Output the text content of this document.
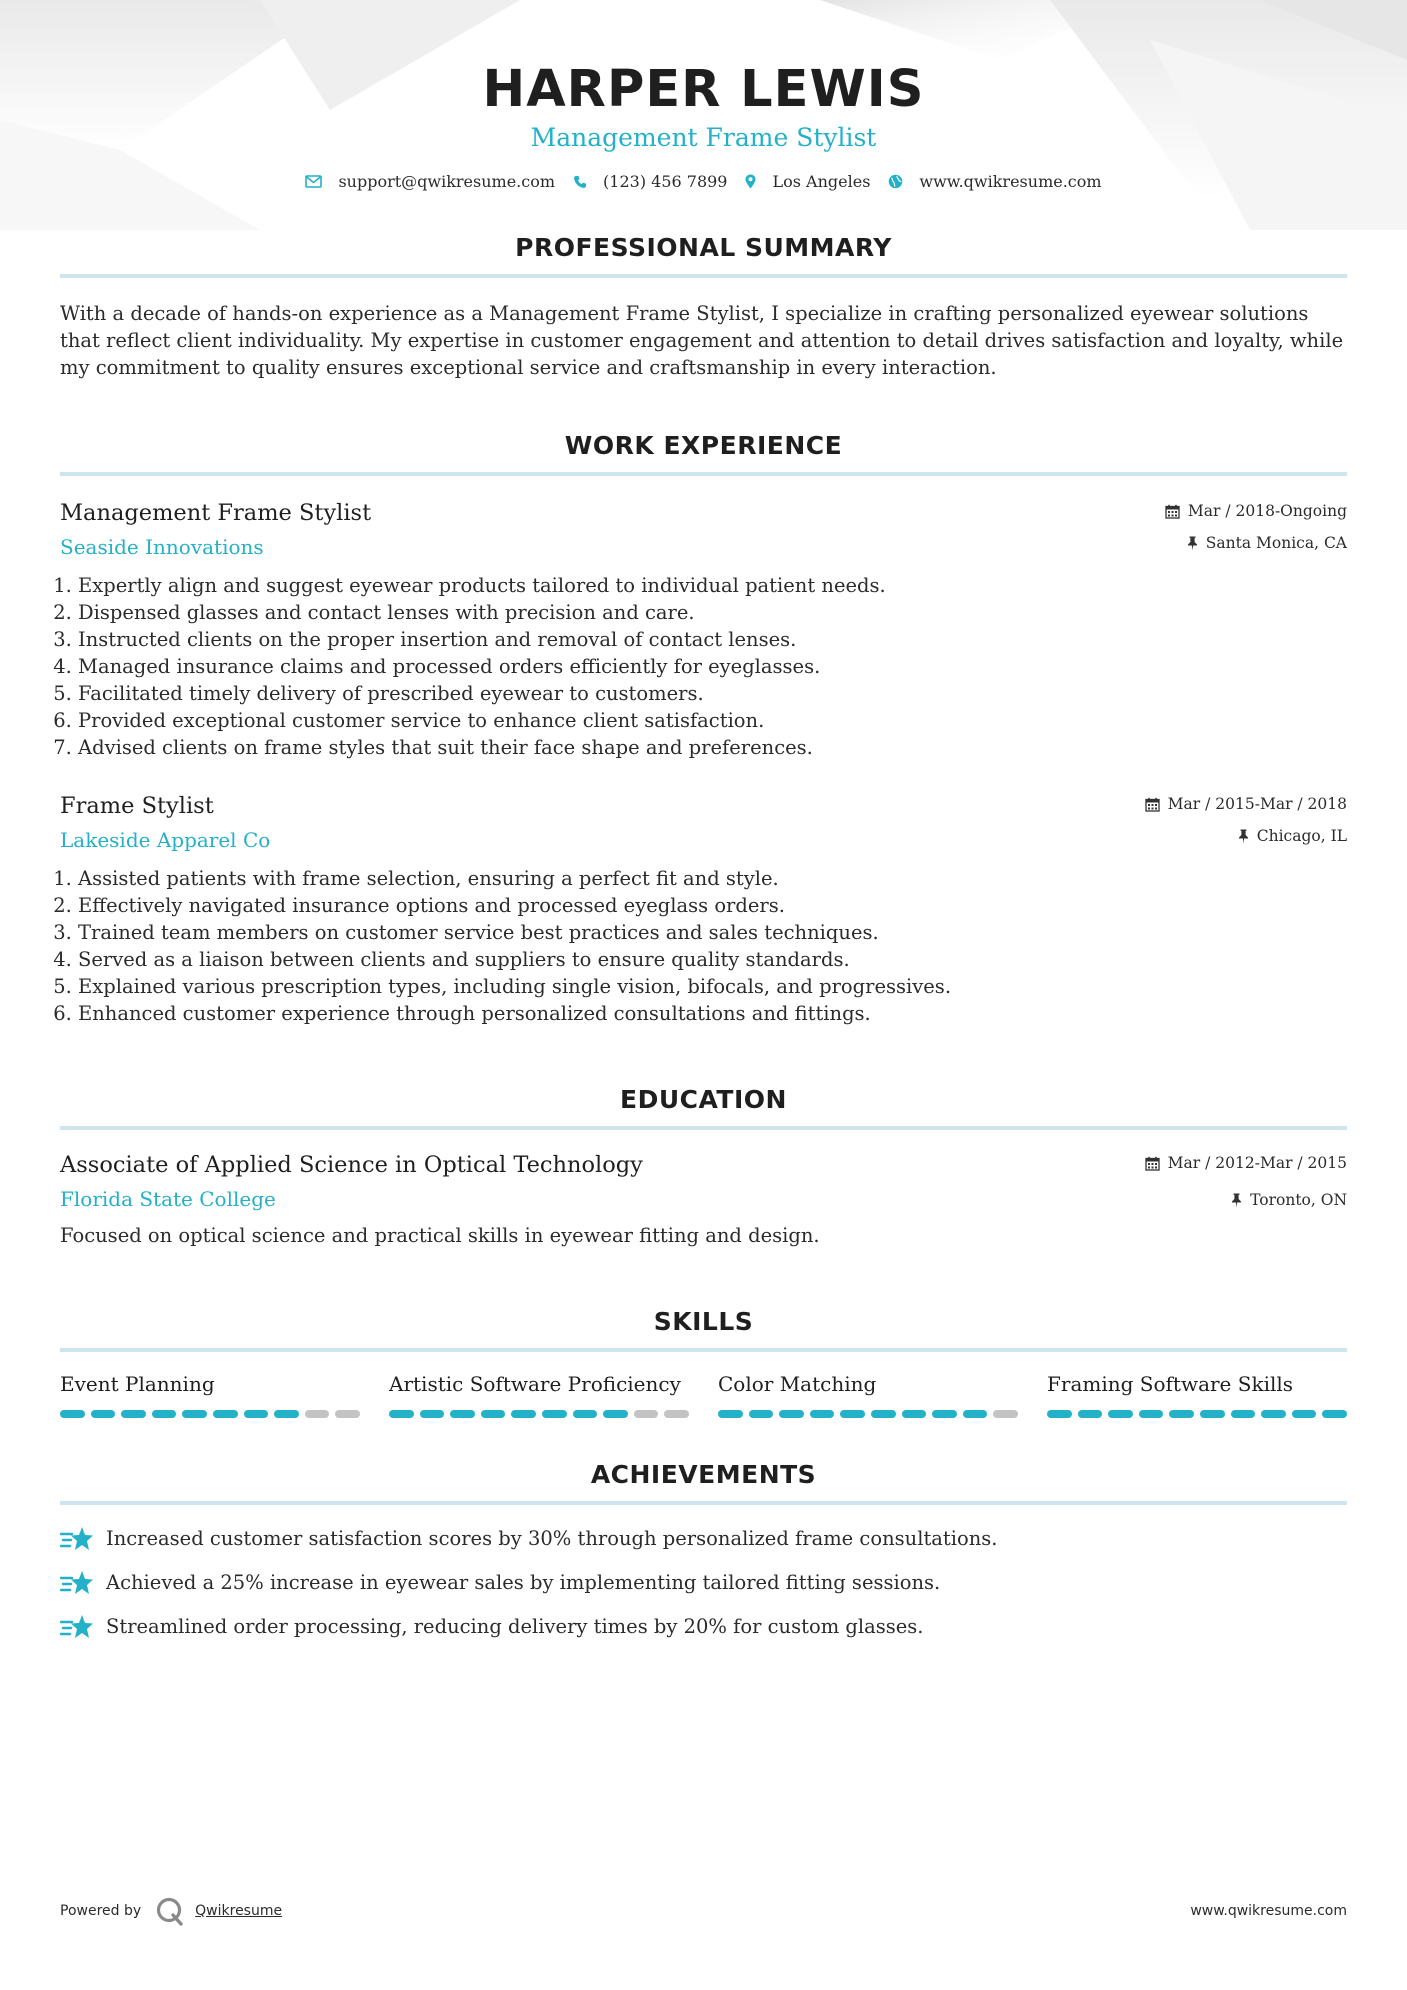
HARPER LEWIS
Management Frame Stylist
support@qwikresume.com	(123) 456 7899	Los Angeles	www.qwikresume.com
PROFESSIONAL SUMMARY

With a decade of hands-on experience as a Management Frame Stylist, I specialize in crafting personalized eyewear solutions that reflect client individuality. My expertise in customer engagement and attention to detail drives satisfaction and loyalty, while my commitment to quality ensures exceptional service and craftsmanship in every interaction.

WORK EXPERIENCE
Mar / 2018-Ongoing
Santa Monica, CA
Management Frame Stylist
Seaside Innovations
1. Expertly align and suggest eyewear products tailored to individual patient needs.
2. Dispensed glasses and contact lenses with precision and care.
3. Instructed clients on the proper insertion and removal of contact lenses.
4. Managed insurance claims and processed orders efficiently for eyeglasses.
5. Facilitated timely delivery of prescribed eyewear to customers.
6. Provided exceptional customer service to enhance client satisfaction.
7. Advised clients on frame styles that suit their face shape and preferences.
Mar / 2015-Mar / 2018
Chicago, IL
Frame Stylist
Lakeside Apparel Co
1. Assisted patients with frame selection, ensuring a perfect fit and style.
2. Effectively navigated insurance options and processed eyeglass orders.
3. Trained team members on customer service best practices and sales techniques.
4. Served as a liaison between clients and suppliers to ensure quality standards.
5. Explained various prescription types, including single vision, bifocals, and progressives.
6. Enhanced customer experience through personalized consultations and fittings.
EDUCATION
Mar / 2012-Mar / 2015
Toronto, ON
Associate of Applied Science in Optical Technology
Florida State College

Focused on optical science and practical skills in eyewear fitting and design.

SKILLS
Event Planning	Artistic Software Proficiency	Color Matching	Framing Software Skills
ACHIEVEMENTS
Increased customer satisfaction scores by 30% through personalized frame consultations.
Achieved a 25% increase in eyewear sales by implementing tailored fitting sessions.
Streamlined order processing, reducing delivery times by 20% for custom glasses.
Powered by	Qwikresume	www.qwikresume.com
